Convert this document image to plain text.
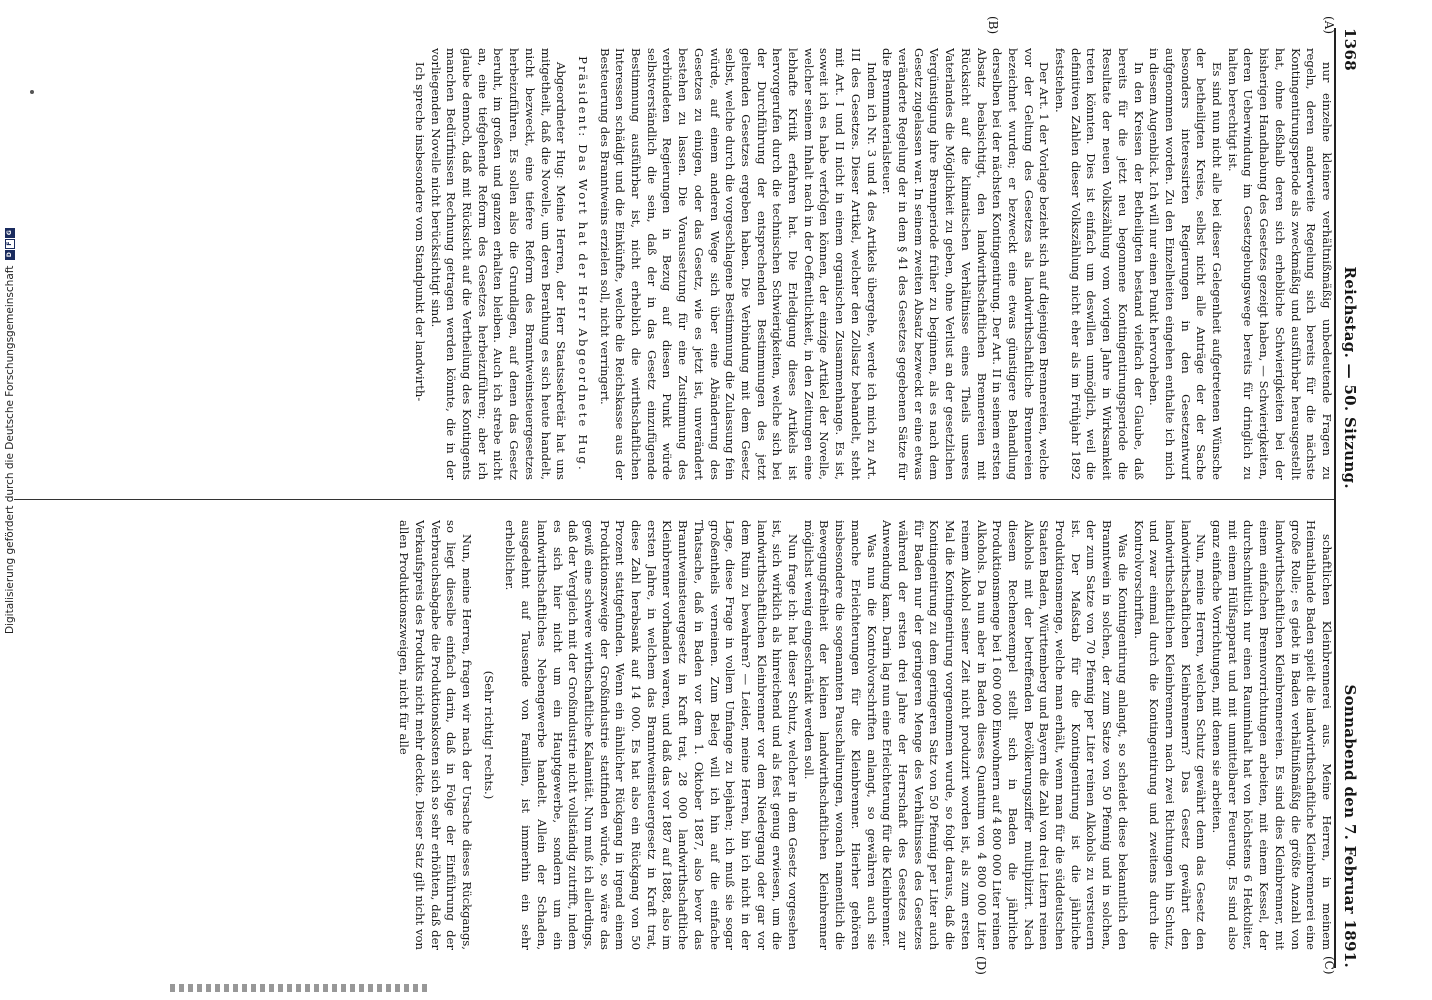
1368
Reichstag. — 50. Sitzung.
Sonnabend den 7. Februar 1891.
(A)
(B)
(C)
(D)

nur einzelne kleinere verhältnißmäßig unbedeutende Fragen zu regeln, deren anderweite Regelung sich bereits für die nächste Kontingentirungsperiode als zweckmäßig und ausführbar herausgestellt hat, ohne deßhalb deren sich erhebliche Schwierigkeiten bei der bisherigen Handhabung des Gesetzes gezeigt haben, — Schwierigkeiten, deren Ueberwindung im Gesetzgebungswege bereits für dringlich zu halten berechtigt ist.

Es sind nun nicht alle bei dieser Gelegenheit aufgetretenen Wünsche der betheiligten Kreise, selbst nicht alle Anträge der der Sache besonders interessirten Regierungen in den Gesetzentwurf aufgenommen worden. Zu den Einzelheiten eingehen enthalte ich mich in diesem Augenblick. Ich will nur einen Punkt hervorheben.

In den Kreisen der Betheiligten bestand vielfach der Glaube, daß bereits für die jetzt neu begonnene Kontingentirungsperiode die Resultate der neuen Volkszählung vom vorigen Jahre in Wirksamkeit treten könnten. Dies ist einfach um deswillen unmöglich, weil die definitiven Zahlen dieser Volkszählung nicht eher als im Frühjahr 1892 feststehen.

Der Art. 1 der Vorlage bezieht sich auf diejenigen Brennereien, welche vor der Geltung des Gesetzes als landwirthschaftliche Brennereien bezeichnet wurden; er bezweckt eine etwas günstigere Behandlung derselben bei der nächsten Kontingentirung. Der Art. II in seinem ersten Absatz beabsichtigt, den landwirthschaftlichen Brennereien mit Rücksicht auf die klimatischen Verhältnisse eines Theils unseres Vaterlandes die Möglichkeit zu geben, ohne Verlust an der gesetzlichen Vergünstigung ihre Brennperiode früher zu beginnen, als es nach dem Gesetz zugelassen war. In seinem zweiten Absatz bezweckt er eine etwas veränderte Regelung der in dem § 41 des Gesetzes gegebenen Sätze für die Brennmaterialsteuer.

Indem ich Nr. 3 und 4 des Artikels übergehe, werde ich mich zu Art. III des Gesetzes. Dieser Artikel, welcher den Zollsatz behandelt, steht mit Art. I und II nicht in einem organischen Zusammenhange. Es ist, soweit ich es habe verfolgen können, der einzige Artikel der Novelle, welcher seinem Inhalt nach in der Oeffentlichkeit, in den Zeitungen eine lebhafte Kritik erfahren hat. Die Erledigung dieses Artikels ist hervorgerufen durch die technischen Schwierigkeiten, welche sich bei der Durchführung der entsprechenden Bestimmungen des jetzt geltenden Gesetzes ergeben haben. Die Verbindung mit dem Gesetz selbst, welche durch die vorgeschlagene Bestimmung die Zulassung fein würde, auf einem anderen Wege sich über eine Abänderung des Gesetzes zu einigen, oder das Gesetz, wie es jetzt ist, unverändert bestehen zu lassen. Die Voraussetzung für eine Zustimmung des verbündeten Regierungen in Bezug auf diesen Punkt würde selbstverständlich die sein, daß der in das Gesetz einzufügende Bestimmung ausführbar ist, nicht erheblich die wirthschaftlichen Interessen schädigt und die Einkünfte, welche die Reichskasse aus der Besteuerung des Branntweins erzielen soll, nicht verringert.

Präsident: Das Wort hat der Herr Abgeordnete Hug.

Abgeordneter Hug: Meine Herren, der Herr Staatssekretär hat uns mitgetheilt, daß die Novelle, um deren Berathung es sich heute handelt, nicht bezweckt, eine tiefere Reform des Branntweinsteuergesetzes herbeizuführen. Es sollen also die Grundlagen, auf denen das Gesetz beruht, im großen und ganzen erhalten bleiben. Auch ich strebe nicht an, eine tiefgehende Reform des Gesetzes herbeizuführen; aber ich glaube dennoch, daß mit Rücksicht auf die Vertheilung des Kontingents manchen Bedürfnissen Rechnung getragen werden könnte, die in der vorliegenden Novelle nicht berücksichtigt sind.

Ich spreche insbesondere vom Standpunkt der landwirth-

schaftlichen Kleinbrennerei aus. Meine Herren, in meinem Heimathlande Baden spielt die landwirthschaftliche Kleinbrennerei eine große Rolle; es giebt in Baden verhältnißmäßig die größte Anzahl von landwirthschaftlichen Kleinbrennereien. Es sind dies Kleinbrenner, mit einem einfachen Brennvorrichtungen arbeiten, mit einem Kessel, der durchschnittlich nur einen Rauminhalt hat von höchstens 6 Hektoliter, mit einem Hülfsapparat und mit unmittelbarer Feuerung. Es sind also ganz einfache Vorrichtungen, mit denen sie arbeiten.

Nun, meine Herren, welchen Schutz gewährt denn das Gesetz den landwirthschaftlichen Kleinbrennern? Das Gesetz gewährt den landwirthschaftlichen Kleinbrennern nach zwei Richtungen hin Schutz, und zwar einmal durch die Kontingentirung und zweitens durch die Kontrolvorschriften.

Was die Kontingentirung anlangt, so scheidet diese bekanntlich den Branntwein in solchen, der zum Satze von 50 Pfennig und in solchen, der zum Satze von 70 Pfennig per Liter reinen Alkohols zu versteuern ist. Der Maßstab für die Kontingentirung ist die jährliche Produktionsmenge, welche man erhält, wenn man für die süddeutschen Staaten Baden, Württemberg und Bayern die Zahl von drei Litern reinen Alkohols mit der betreffenden Bevölkerungsziffer multiplizirt. Nach diesem Rechenexempel stellt sich in Baden die jährliche Produktionsmenge bei 1 600 000 Einwohnern auf 4 800 000 Liter reinen Alkohols. Da nun aber in Baden dieses Quantum von 4 800 000 Liter reinem Alkohol seiner Zeit nicht produzirt worden ist, als zum ersten Mal die Kontingentirung vorgenommen wurde, so folgt daraus, daß die Kontingentirung zu dem geringeren Satz von 50 Pfennig per Liter auch für Baden nur der geringeren Menge des Verhältnisses des Gesetzes während der ersten drei Jahre der Herrschaft des Gesetzes zur Anwendung kam. Darin lag nun eine Erleichterung für die Kleinbrenner.

Was nun die Kontrolvorschriften anlangt, so gewähren auch sie manche Erleichterungen für die Kleinbrenner. Hierher gehören insbesondere die sogenannten Pauschalirungen, wonach namentlich die Bewegungsfreiheit der kleinen landwirthschaftlichen Kleinbrenner möglichst wenig eingeschränkt werden soll.

Nun frage ich: hat dieser Schutz, welcher in dem Gesetz vorgesehen ist, sich wirklich als hinreichend und als fest genug erwiesen, um die landwirthschaftlichen Kleinbrenner vor dem Niedergang oder gar vor dem Ruin zu bewahren? — Leider, meine Herren, bin ich nicht in der Lage, diese Frage in vollem Umfange zu bejahen; ich muß sie sogar großentheils verneinen. Zum Beleg will ich hin auf die einfache Thatsache, daß in Baden vor dem 1. Oktober 1887, also bevor das Branntweinsteuergesetz in Kraft trat, 28 000 landwirthschaftliche Kleinbrenner vorhanden waren, und daß das vor 1887 auf 1888, also im ersten Jahre, in welchem das Branntweinsteuergesetz in Kraft trat, diese Zahl herabsank auf 14 000. Es hat also ein Rückgang von 50 Prozent stattgefunden. Wenn ein ähnlicher Rückgang in irgend einem Produktionszweige der Großindustrie stattfinden würde, so wäre das gewiß eine schwere wirthschaftliche Kalamität. Nun muß ich allerdings, daß der Vergleich mit der Großindustrie nicht vollständig zutrifft, indem es sich hier nicht um ein Hauptgewerbe, sondern um ein landwirthschaftliches Nebengewerbe handelt. Allein der Schaden, ausgedehnt auf Tausende von Familien, ist immerhin ein sehr erheblicher.

(Sehr richtig! rechts.)

Nun, meine Herren, fragen wir nach der Ursache dieses Rückgangs, so liegt dieselbe einfach darin, daß in Folge der Einführung der Verbrauchsabgabe die Produktionskosten sich so sehr erhöhten, daß der Verkaufspreis des Produkts nicht mehr deckte. Dieser Satz gilt nicht von allen Produktionszweigen, nicht für alle

Digitalisierung gefördert durch die Deutsche Forschungsgemeinschaft
D
F
G
